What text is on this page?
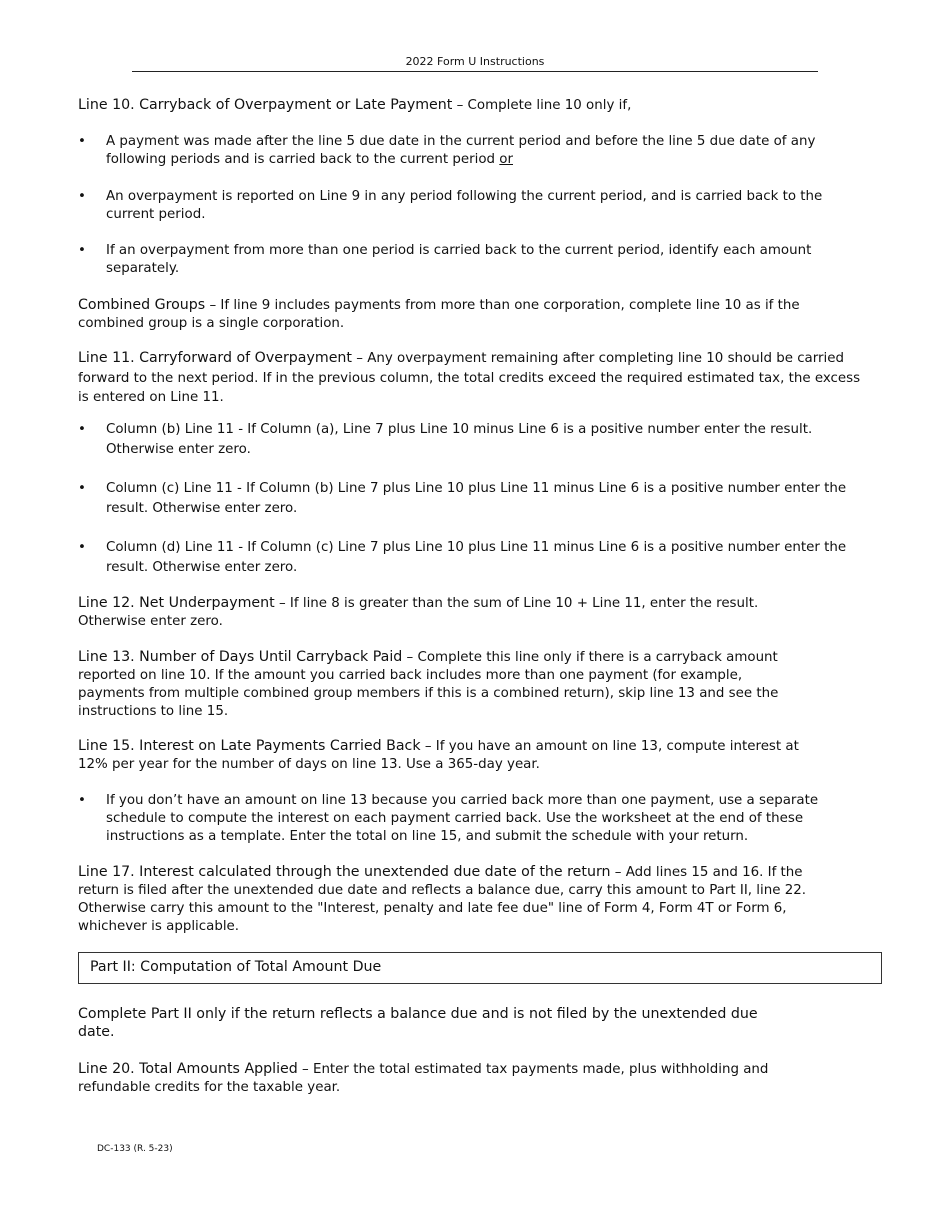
2022 Form U Instructions
Line 10. Carryback of Overpayment or Late Payment – Complete line 10 only if,
• A payment was made after the line 5 due date in the current period and before the line 5 due date of any following periods and is carried back to the current period or
• An overpayment is reported on Line 9 in any period following the current period, and is carried back to the current period.
• If an overpayment from more than one period is carried back to the current period, identify each amount separately.
Combined Groups – If line 9 includes payments from more than one corporation, complete line 10 as if the combined group is a single corporation.
Line 11. Carryforward of Overpayment – Any overpayment remaining after completing line 10 should be carried forward to the next period. If in the previous column, the total credits exceed the required estimated tax, the excess is entered on Line 11.
• Column (b) Line 11 - If Column (a), Line 7 plus Line 10 minus Line 6 is a positive number enter the result. Otherwise enter zero.
• Column (c) Line 11 - If Column (b) Line 7 plus Line 10 plus Line 11 minus Line 6 is a positive number enter the result. Otherwise enter zero.
• Column (d) Line 11 - If Column (c) Line 7 plus Line 10 plus Line 11 minus Line 6 is a positive number enter the result. Otherwise enter zero.
Line 12. Net Underpayment – If line 8 is greater than the sum of Line 10 + Line 11, enter the result. Otherwise enter zero.
Line 13. Number of Days Until Carryback Paid – Complete this line only if there is a carryback amount reported on line 10. If the amount you carried back includes more than one payment (for example, payments from multiple combined group members if this is a combined return), skip line 13 and see the instructions to line 15.
Line 15. Interest on Late Payments Carried Back – If you have an amount on line 13, compute interest at 12% per year for the number of days on line 13. Use a 365-day year.
• If you don’t have an amount on line 13 because you carried back more than one payment, use a separate schedule to compute the interest on each payment carried back. Use the worksheet at the end of these instructions as a template. Enter the total on line 15, and submit the schedule with your return.
Line 17. Interest calculated through the unextended due date of the return – Add lines 15 and 16. If the return is filed after the unextended due date and reflects a balance due, carry this amount to Part II, line 22. Otherwise carry this amount to the "Interest, penalty and late fee due" line of Form 4, Form 4T or Form 6, whichever is applicable.
Part II: Computation of Total Amount Due
Complete Part II only if the return reflects a balance due and is not filed by the unextended due date.
Line 20. Total Amounts Applied – Enter the total estimated tax payments made, plus withholding and refundable credits for the taxable year.
DC-133 (R. 5-23)
